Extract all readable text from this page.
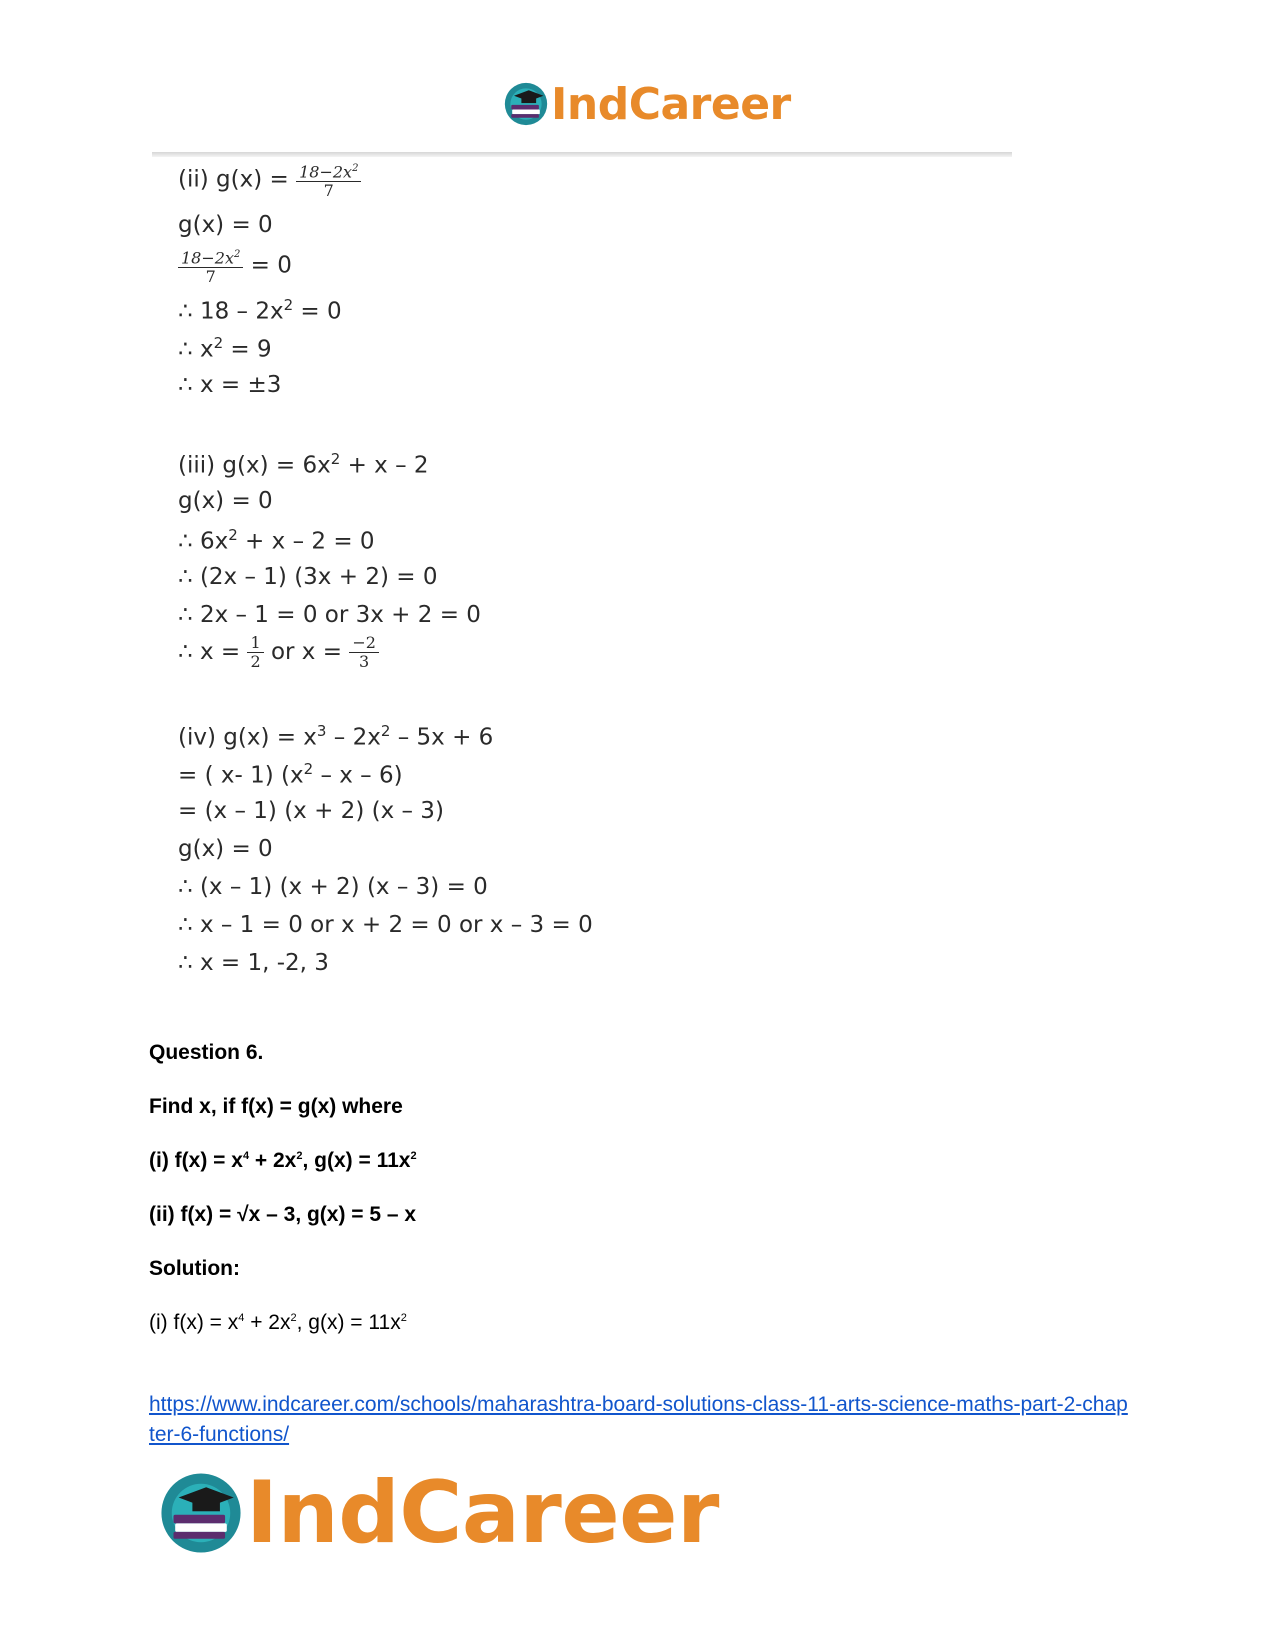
IndCareer
(ii) $g(x) = \frac{18-2x^2}{7}$
g(x) = 0
$\frac{18-2x^2}{7} = 0$
∴ $18 - 2x^2 = 0$
∴ $x^2 = 9$
∴ x = ±3
(iii) $g(x) = 6x^2 + x - 2$
g(x) = 0
∴ $6x^2 + x - 2 = 0$
∴ (2x – 1) (3x + 2) = 0
∴ 2x – 1 = 0 or 3x + 2 = 0
∴ $x = \frac{1}{2}$ or $x = \frac{-2}{3}$
(iv) $g(x) = x^3 - 2x^2 - 5x + 6$
= ( x- 1) ($x^2$ – x – 6)
= (x – 1) (x + 2) (x – 3)
g(x) = 0
∴ (x – 1) (x + 2) (x – 3) = 0
∴ x – 1 = 0 or x + 2 = 0 or x – 3 = 0
∴ x = 1, -2, 3
Question 6.
Find x, if f(x) = g(x) where
(i) $f(x) = x^4 + 2x^2$, $g(x) = 11x^2$
(ii) f(x) = √x – 3, g(x) = 5 – x
Solution:
(i) $f(x) = x^4 + 2x^2$, $g(x) = 11x^2$
https://www.indcareer.com/schools/maharashtra-board-solutions-class-11-arts-science-maths-part-2-chapter-6-functions/
IndCareer
